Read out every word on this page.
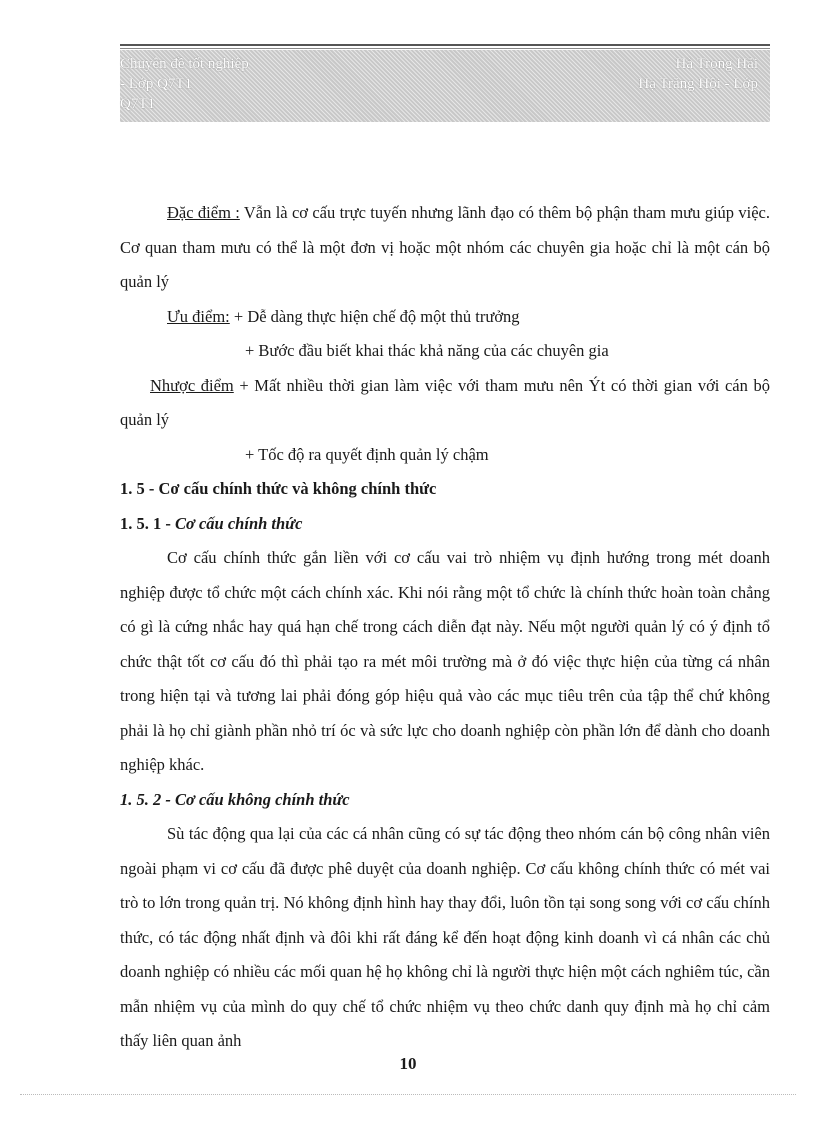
Chuyên đề tốt nghiệp
- Lớp Q7T1
Q7T1
Hà Trọng Hải
Hạ Trăng Hội - Lớp

Đặc điểm : Vẫn là cơ cấu trực tuyến nhưng lãnh đạo có thêm bộ phận tham mưu giúp việc. Cơ quan tham mưu có thể là một đơn vị hoặc một nhóm các chuyên gia hoặc chỉ là một cán bộ quản lý

Ưu điểm: + Dễ dàng thực hiện chế độ một thủ trưởng

+ Bước đầu biết khai thác khả năng của các chuyên gia

Nhược điểm + Mất nhiều thời gian làm việc với tham mưu nên Ýt có thời gian với cán bộ quản lý

+ Tốc độ ra quyết định quản lý chậm

1. 5 - Cơ cấu chính thức và không chính thức

1. 5. 1 - Cơ cấu chính thức

Cơ cấu chính thức gắn liền với cơ cấu vai trò nhiệm vụ định hướng trong mét doanh nghiệp được tổ chức một cách chính xác. Khi nói rằng một tổ chức là chính thức hoàn toàn chẳng có gì là cứng nhắc hay quá hạn chế trong cách diễn đạt này. Nếu một người quản lý có ý định tổ chức thật tốt cơ cấu đó thì phải tạo ra mét môi trường mà ở đó việc thực hiện của từng cá nhân trong hiện tại và tương lai phải đóng góp hiệu quả vào các mục tiêu trên của tập thể chứ không phải là họ chỉ giành phần nhỏ trí óc và sức lực cho doanh nghiệp còn phần lớn để dành cho doanh nghiệp khác.

1. 5. 2 - Cơ cấu không chính thức

Sù tác động qua lại của các cá nhân cũng có sự tác động theo nhóm cán bộ công nhân viên ngoài phạm vi cơ cấu đã được phê duyệt của doanh nghiệp. Cơ cấu không chính thức có mét vai trò to lớn trong quản trị. Nó không định hình hay thay đổi, luôn tồn tại song song với cơ cấu chính thức, có tác động nhất định và đôi khi rất đáng kể đến hoạt động kinh doanh vì cá nhân các chủ doanh nghiệp có nhiều các mối quan hệ họ không chỉ là người thực hiện một cách nghiêm túc, cần mẫn nhiệm vụ của mình do quy chế tổ chức nhiệm vụ theo chức danh quy định mà họ chỉ cảm thấy liên quan ảnh

10
